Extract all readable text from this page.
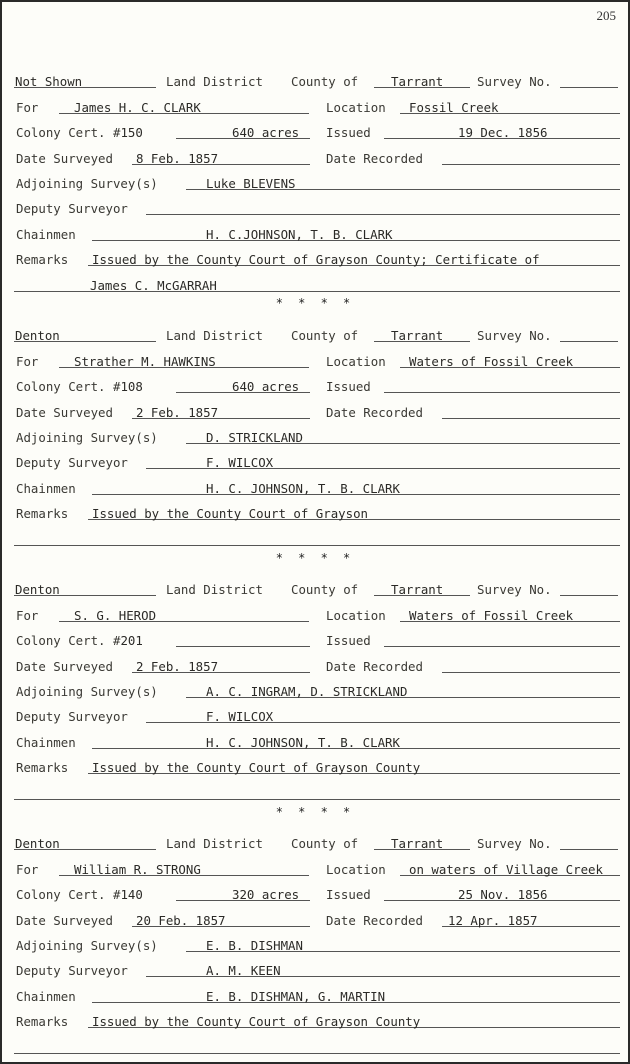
205
Not Shown	Land District County of	Tarrant	Survey No.
For	James H. C. CLARK	Location Fossil Creek
Colony Cert. #150	640 acres Issued	19 Dec. 1856
Date Surveyed 8 Feb. 1857	Date Recorded
Adjoining Survey(s)	Luke BLEVENS
Deputy Surveyor
Chainmen	H. C.JOHNSON, T. B. CLARK
Remarks Issued by the County Court of Grayson County; Certificate of
James C. McGARRAH
Denton	Land District County of	Tarrant	Survey No.
For	Strather M. HAWKINS	Location Waters of Fossil Creek
Colony Cert. #108	640 acres Issued
Date Surveyed 2 Feb. 1857	Date Recorded
Adjoining Survey(s)	D. STRICKLAND
Deputy Surveyor	F. WILCOX
Chainmen	H. C. JOHNSON, T. B. CLARK
Remarks Issued by the County Court of Grayson
Denton	Land District County of	Tarrant	Survey No.
For	S. G. HEROD	Location Waters of Fossil Creek
Colony Cert. #201	Issued
Date Surveyed 2 Feb. 1857	Date Recorded
Adjoining Survey(s)	A. C. INGRAM, D. STRICKLAND
Deputy Surveyor	F. WILCOX
Chainmen	H. C. JOHNSON, T. B. CLARK
Remarks Issued by the County Court of Grayson County
Denton	Land District County of	Tarrant	Survey No.
For	William R. STRONG	Location on waters of Village Creek
Colony Cert. #140	320 acres Issued	25 Nov. 1856
Date Surveyed 20 Feb. 1857	Date Recorded 12 Apr. 1857
Adjoining Survey(s)	E. B. DISHMAN
Deputy Surveyor	A. M. KEEN
Chainmen	E. B. DISHMAN, G. MARTIN
Remarks Issued by the County Court of Grayson County
* * * *
* * * *
* * * *
